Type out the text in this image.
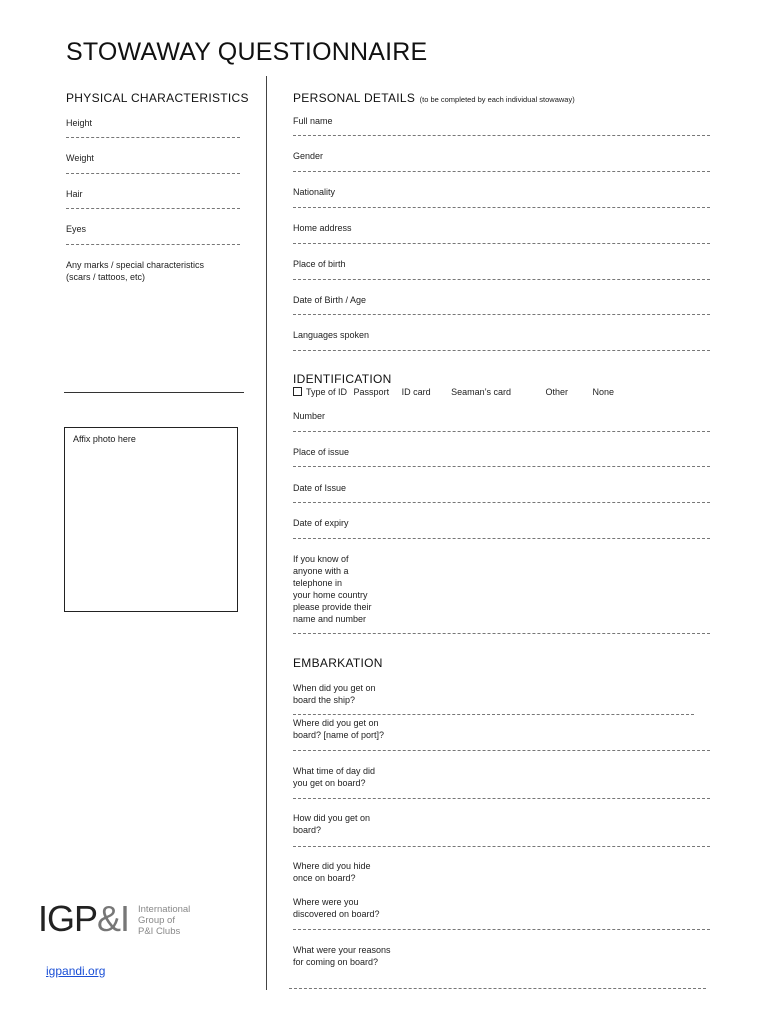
STOWAWAY QUESTIONNAIRE
PHYSICAL CHARACTERISTICS
Height
Weight
Hair
Eyes
Any marks / special characteristics
(scars / tattoos, etc)
Affix photo here
IGP&I International
Group of
P&I Clubs
igpandi.org
PERSONAL DETAILS (to be completed by each individual stowaway)
Full name
Gender
Nationality
Home address
Place of birth
Date of Birth / Age
Languages spoken
IDENTIFICATION
Type of ID Passport ID card Seaman’s card	Other	None
Number
Place of issue
Date of Issue
Date of expiry
If you know of
anyone with a
telephone in
your home country
please provide their
name and number
EMBARKATION
When did you get on
board the ship?
Where did you get on
board? [name of port]?
What time of day did
you get on board?
How did you get on
board?
Where did you hide
once on board?
Where were you
discovered on board?
What were your reasons
for coming on board?
